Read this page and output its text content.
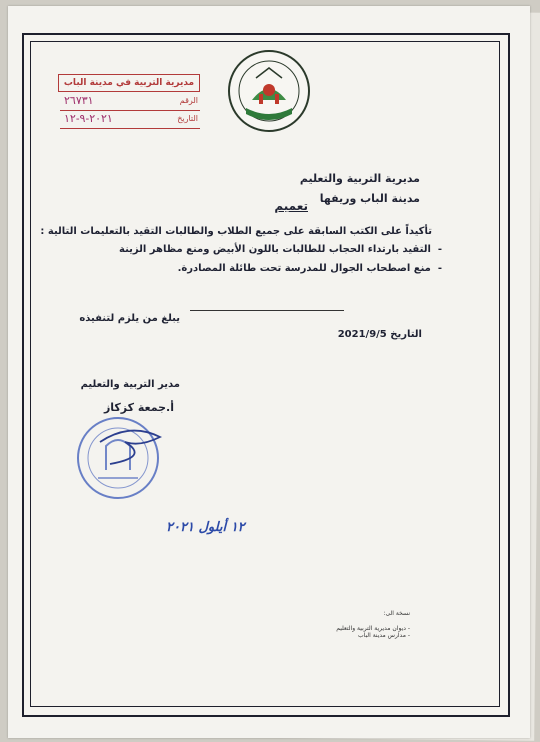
مديرية التربية في مدينة الباب
الرقم
٢٦٧٣١
التاريخ
٢٠٢١-٩-١٢
مديرية التربية والتعليم
مدينة الباب وريفها
تعميم
تأكيداً على الكتب السابقة على جميع الطلاب والطالبات التقيد بالتعليمات التالية :
-  التقيد بارتداء الحجاب للطالبات باللون الأبيض ومنع مظاهر الزينة
-  منع اصطحاب الجوال للمدرسة تحت طائلة المصادرة.
يبلغ من يلزم لتنفيذه
التاريخ 2021/9/5
مدير التربية والتعليم
أ.جمعة كزكاز
١٢ أيلول ٢٠٢١
نسخة الى:
- ديوان مديرية التربية والتعليم
- مدارس مدينة الباب
